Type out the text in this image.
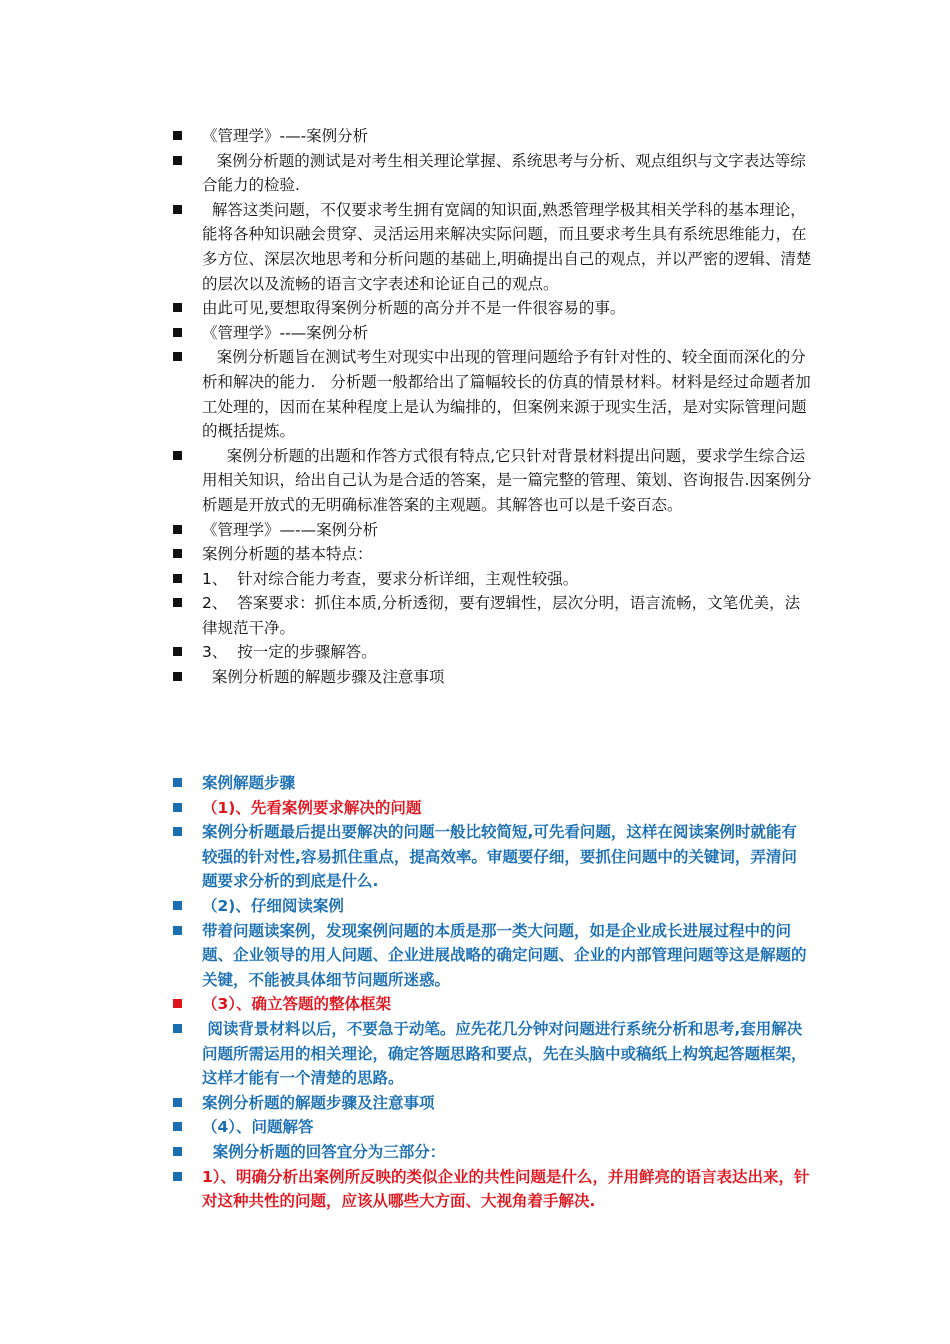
《管理学》-—-案例分析
案例分析题的测试是对考生相关理论掌握、系统思考与分析、观点组织与文字表达等综合能力的检验.
解答这类问题，不仅要求考生拥有宽阔的知识面,熟悉管理学极其相关学科的基本理论，能将各种知识融会贯穿、灵活运用来解决实际问题，而且要求考生具有系统思维能力，在多方位、深层次地思考和分析问题的基础上,明确提出自己的观点，并以严密的逻辑、清楚的层次以及流畅的语言文字表述和论证自己的观点。
由此可见,要想取得案例分析题的高分并不是一件很容易的事。
《管理学》--—案例分析
案例分析题旨在测试考生对现实中出现的管理问题给予有针对性的、较全面而深化的分析和解决的能力.   分析题一般都给出了篇幅较长的仿真的情景材料。材料是经过命题者加工处理的，因而在某种程度上是认为编排的，但案例来源于现实生活，是对实际管理问题的概括提炼。
案例分析题的出题和作答方式很有特点,它只针对背景材料提出问题，要求学生综合运用相关知识，给出自己认为是合适的答案，是一篇完整的管理、策划、咨询报告.因案例分析题是开放式的无明确标准答案的主观题。其解答也可以是千姿百态。
《管理学》—-—案例分析
案例分析题的基本特点：
1、  针对综合能力考查，要求分析详细，主观性较强。
2、  答案要求：抓住本质,分析透彻，要有逻辑性，层次分明，语言流畅，文笔优美，法律规范干净。
3、  按一定的步骤解答。
案例分析题的解题步骤及注意事项
案例解题步骤
（1)、先看案例要求解决的问题
案例分析题最后提出要解决的问题一般比较简短,可先看问题，这样在阅读案例时就能有较强的针对性,容易抓住重点，提高效率。审题要仔细，要抓住问题中的关键词，弄清问题要求分析的到底是什么.
（2)、仔细阅读案例
带着问题读案例，发现案例问题的本质是那一类大问题，如是企业成长进展过程中的问题、企业领导的用人问题、企业进展战略的确定问题、企业的内部管理问题等这是解题的关键，不能被具体细节问题所迷惑。
（3）、确立答题的整体框架
阅读背景材料以后，不要急于动笔。应先花几分钟对问题进行系统分析和思考,套用解决问题所需运用的相关理论，确定答题思路和要点，先在头脑中或稿纸上构筑起答题框架，这样才能有一个清楚的思路。
案例分析题的解题步骤及注意事项
（4）、问题解答
案例分析题的回答宜分为三部分：
1）、明确分析出案例所反映的类似企业的共性问题是什么，并用鲜亮的语言表达出来，针对这种共性的问题，应该从哪些大方面、大视角着手解决.
